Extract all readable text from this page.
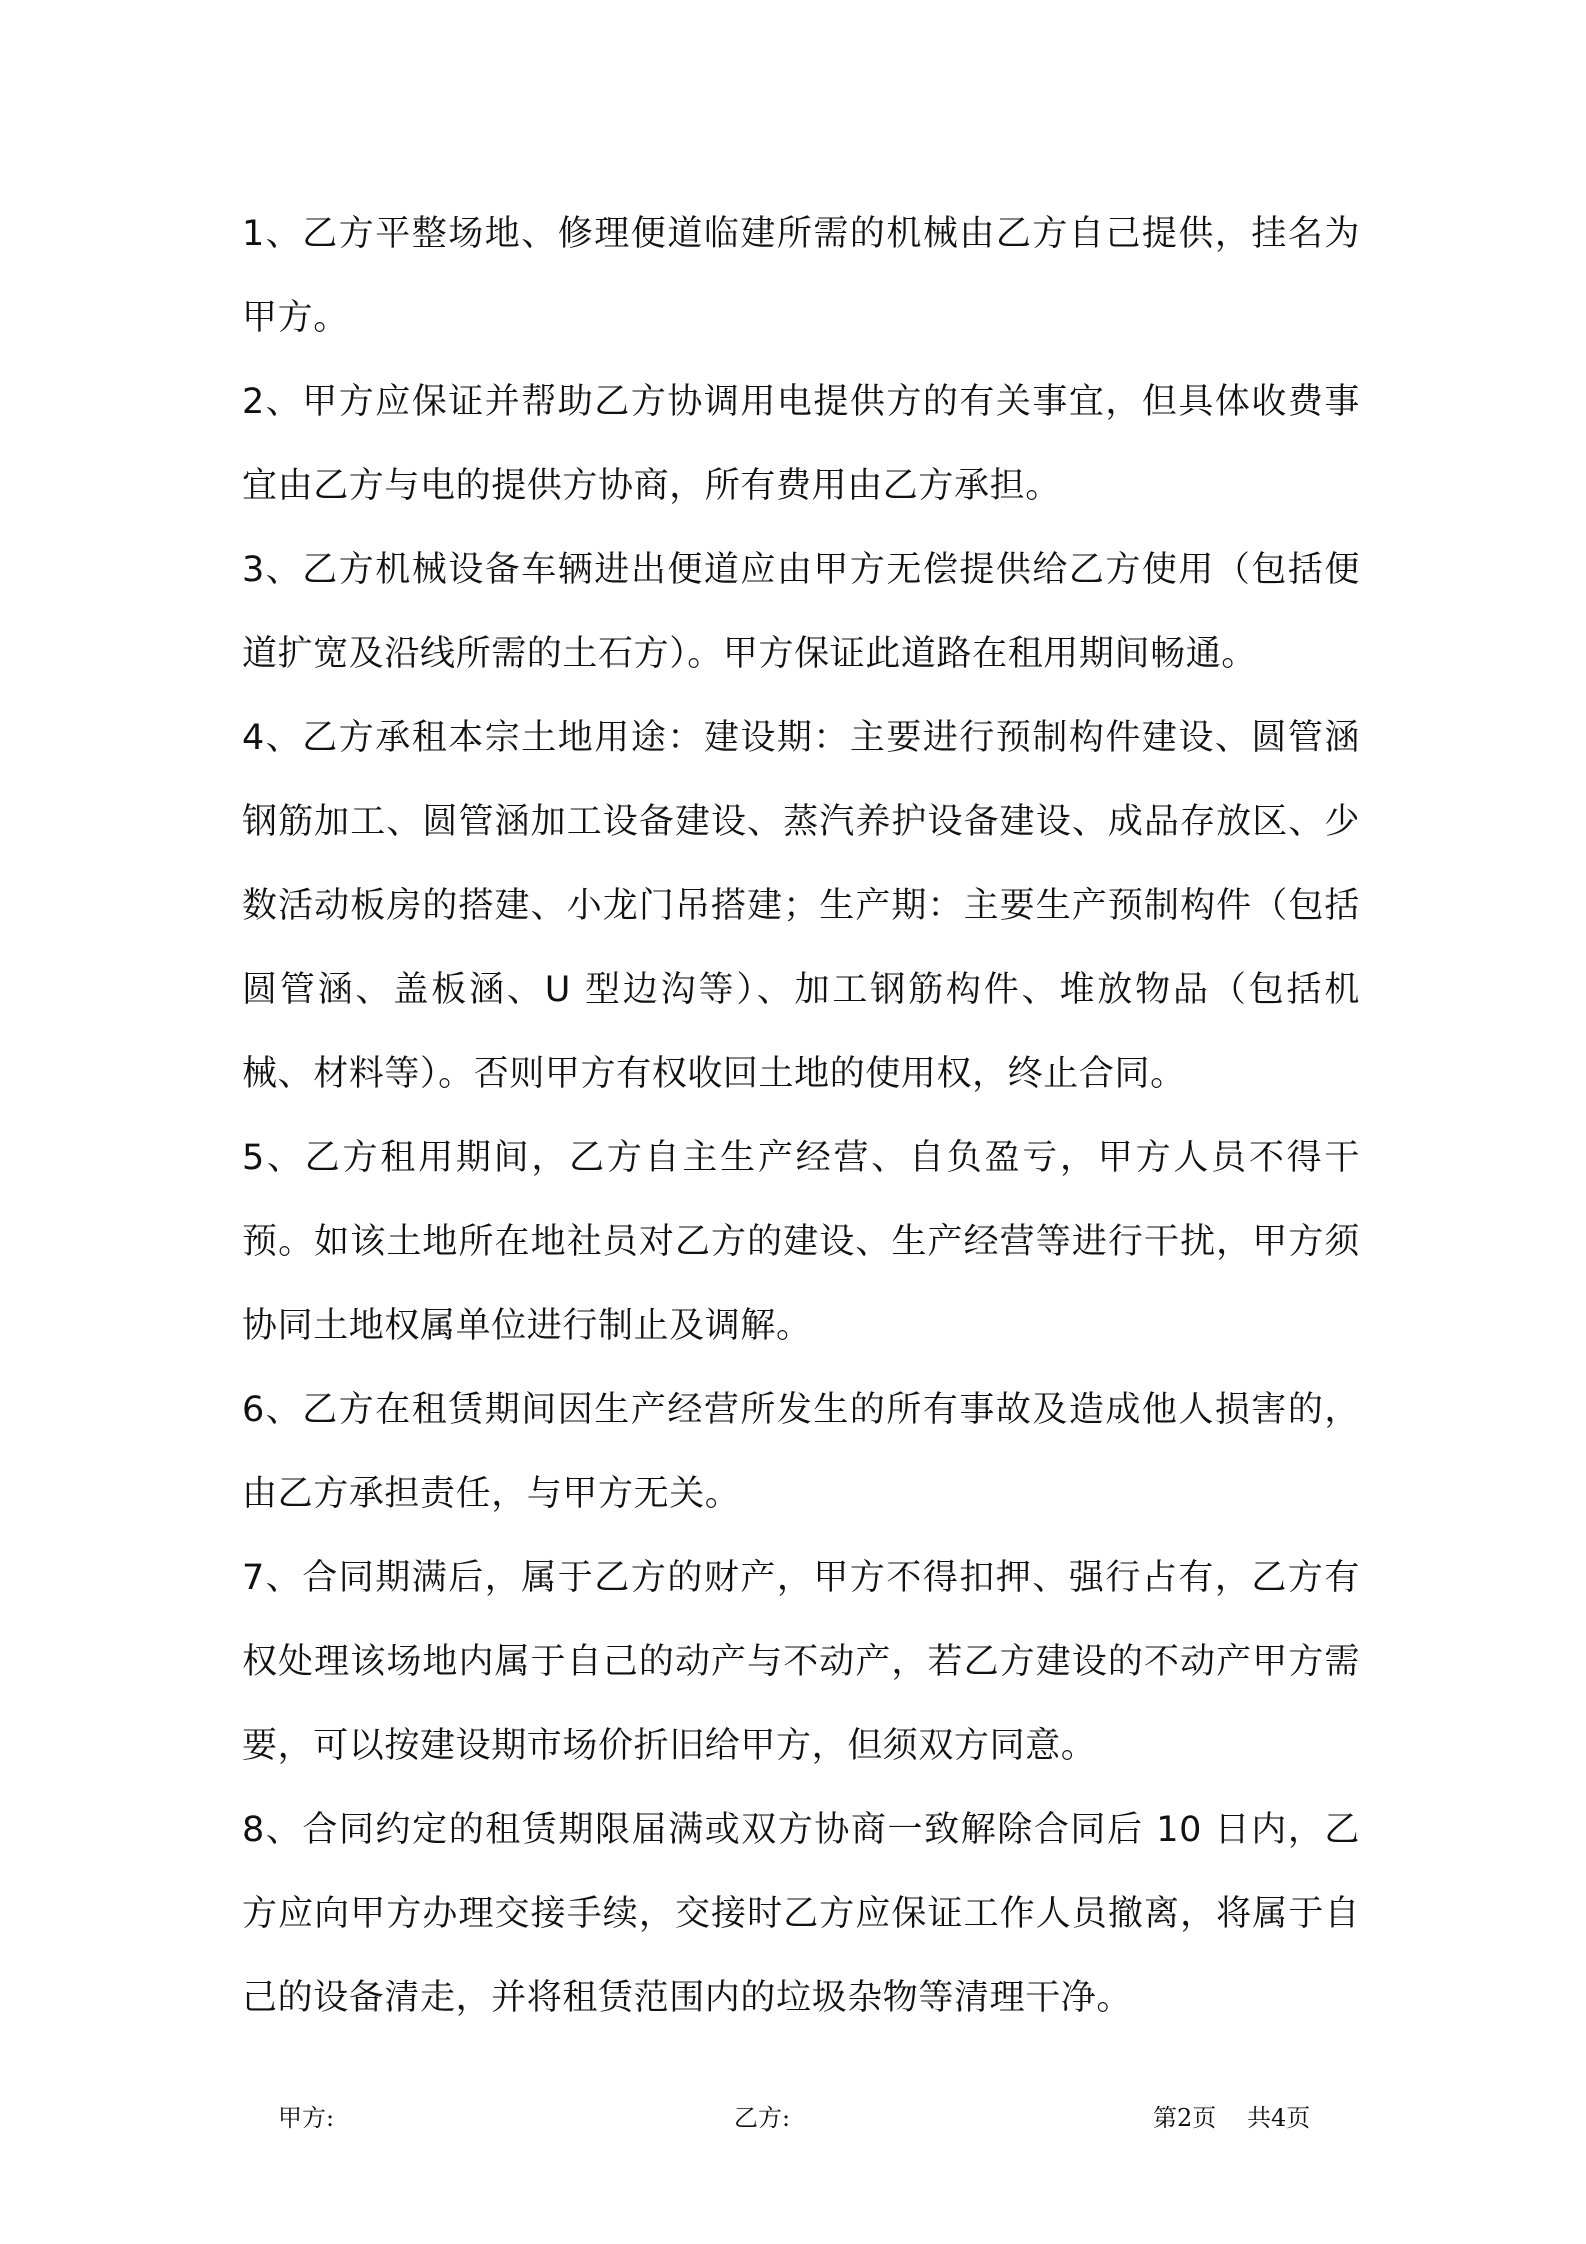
1、乙方平整场地、修理便道临建所需的机械由乙方自己提供，挂名为甲方。

2、甲方应保证并帮助乙方协调用电提供方的有关事宜，但具体收费事宜由乙方与电的提供方协商，所有费用由乙方承担。

3、乙方机械设备车辆进出便道应由甲方无偿提供给乙方使用（包括便道扩宽及沿线所需的土石方）。甲方保证此道路在租用期间畅通。

4、乙方承租本宗土地用途：建设期：主要进行预制构件建设、圆管涵钢筋加工、圆管涵加工设备建设、蒸汽养护设备建设、成品存放区、少数活动板房的搭建、小龙门吊搭建；生产期：主要生产预制构件（包括圆管涵、盖板涵、U 型边沟等）、加工钢筋构件、堆放物品（包括机械、材料等）。否则甲方有权收回土地的使用权，终止合同。

5、乙方租用期间，乙方自主生产经营、自负盈亏，甲方人员不得干预。如该土地所在地社员对乙方的建设、生产经营等进行干扰，甲方须协同土地权属单位进行制止及调解。

6、乙方在租赁期间因生产经营所发生的所有事故及造成他人损害的，由乙方承担责任，与甲方无关。

7、合同期满后，属于乙方的财产，甲方不得扣押、强行占有，乙方有权处理该场地内属于自己的动产与不动产，若乙方建设的不动产甲方需要，可以按建设期市场价折旧给甲方，但须双方同意。

8、合同约定的租赁期限届满或双方协商一致解除合同后 10 日内，乙方应向甲方办理交接手续，交接时乙方应保证工作人员撤离，将属于自己的设备清走，并将租赁范围内的垃圾杂物等清理干净。

甲方:	乙方:	第2页 共4页
